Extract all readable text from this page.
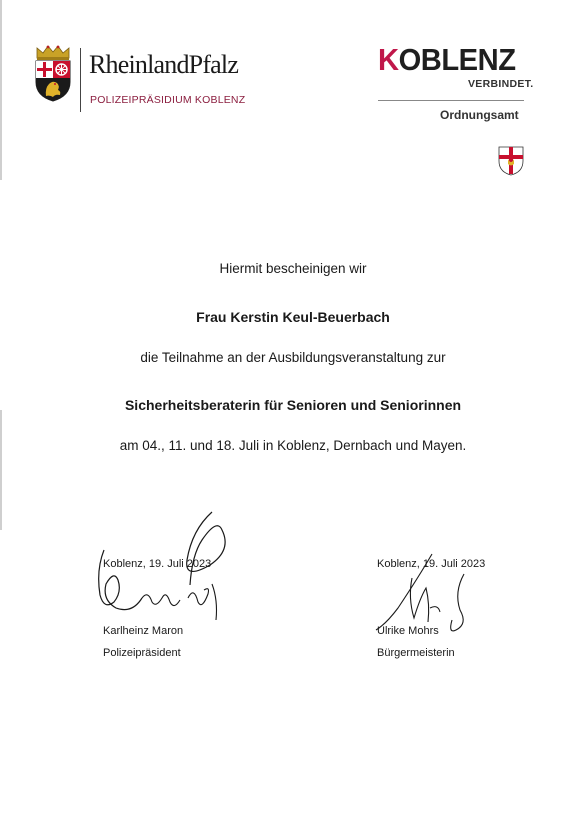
RheinlandPfalz
POLIZEIPRÄSIDIUM KOBLENZ
KOBLENZ
VERBINDET.
Ordnungsamt
Hiermit bescheinigen wir
Frau Kerstin Keul-Beuerbach
die Teilnahme an der Ausbildungsveranstaltung zur
Sicherheitsberaterin für Senioren und Seniorinnen
am 04., 11. und 18. Juli in Koblenz, Dernbach und Mayen.
Koblenz, 19. Juli 2023
Karlheinz Maron
Polizeipräsident
Koblenz, 19. Juli 2023
Ulrike Mohrs
Bürgermeisterin
